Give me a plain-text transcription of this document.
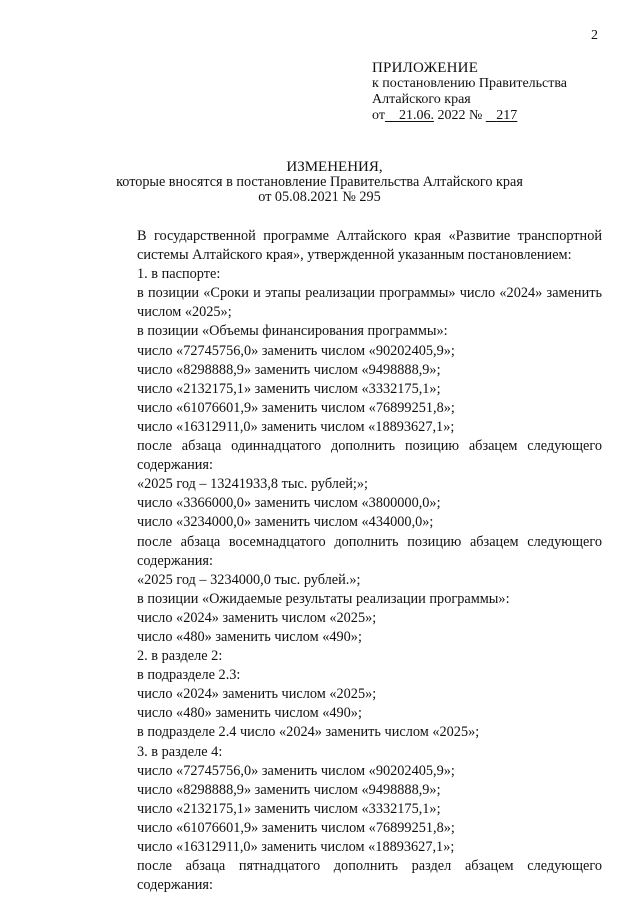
2
ПРИЛОЖЕНИЕ
к постановлению Правительства
Алтайского края
от 21.06. 2022 № 217
ИЗМЕНЕНИЯ,
которые вносятся в постановление Правительства Алтайского края
от 05.08.2021 № 295
В государственной программе Алтайского края «Развитие транспортной системы Алтайского края», утвержденной указанным постановлением:
1. в паспорте:
в позиции «Сроки и этапы реализации программы» число «2024» заменить числом «2025»;
в позиции «Объемы финансирования программы»:
число «72745756,0» заменить числом «90202405,9»;
число «8298888,9» заменить числом «9498888,9»;
число «2132175,1» заменить числом «3332175,1»;
число «61076601,9» заменить числом «76899251,8»;
число «16312911,0» заменить числом «18893627,1»;
после абзаца одиннадцатого дополнить позицию абзацем следующего содержания:
«2025 год – 13241933,8 тыс. рублей;»;
число «3366000,0» заменить числом «3800000,0»;
число «3234000,0» заменить числом «434000,0»;
после абзаца восемнадцатого дополнить позицию абзацем следующего содержания:
«2025 год – 3234000,0 тыс. рублей.»;
в позиции «Ожидаемые результаты реализации программы»:
число «2024» заменить числом «2025»;
число «480» заменить числом «490»;
2. в разделе 2:
в подразделе 2.3:
число «2024» заменить числом «2025»;
число «480» заменить числом «490»;
в подразделе 2.4 число «2024» заменить числом «2025»;
3. в разделе 4:
число «72745756,0» заменить числом «90202405,9»;
число «8298888,9» заменить числом «9498888,9»;
число «2132175,1» заменить числом «3332175,1»;
число «61076601,9» заменить числом «76899251,8»;
число «16312911,0» заменить числом «18893627,1»;
после абзаца пятнадцатого дополнить раздел абзацем следующего содержания:
